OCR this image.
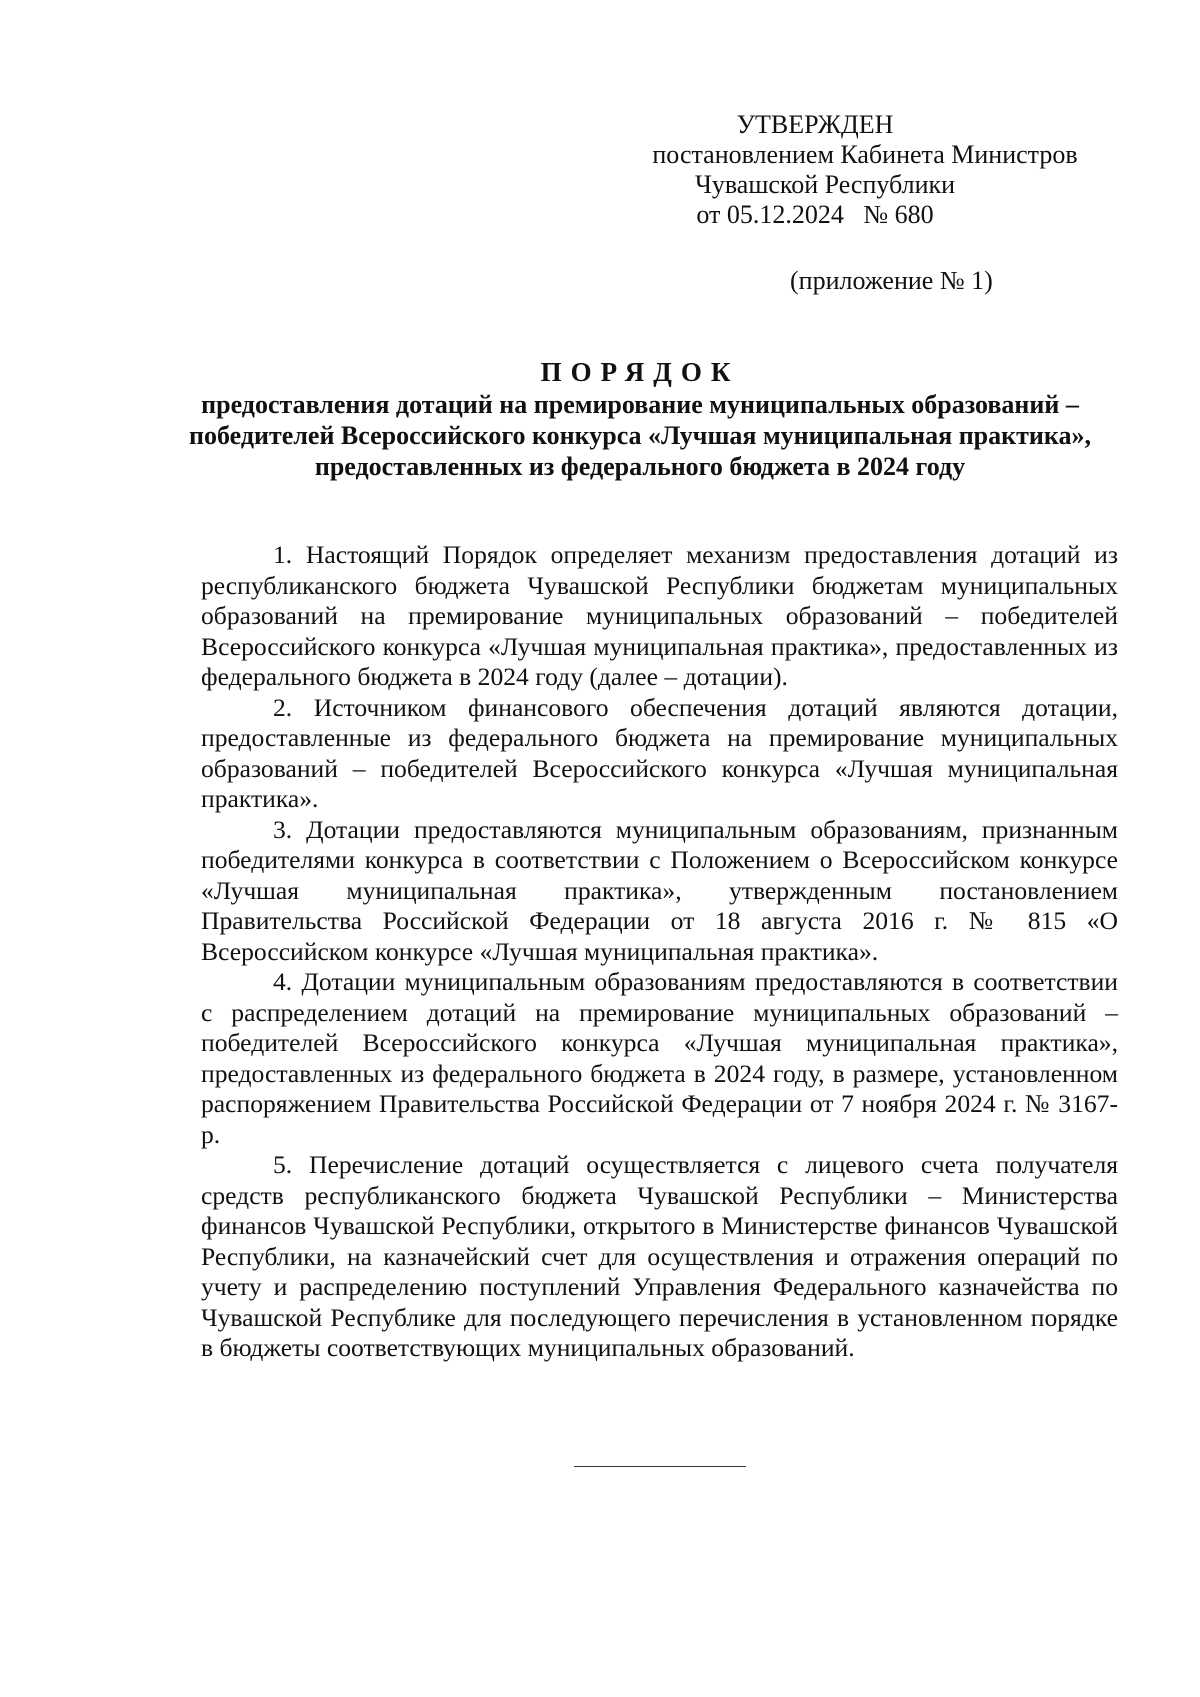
УТВЕРЖДЕН
постановлением Кабинета Министров
Чувашской Республики
от 05.12.2024   № 680
(приложение № 1)
ПОРЯДОК
предоставления дотаций на премирование муниципальных образований –
победителей Всероссийского конкурса «Лучшая муниципальная практика»,
предоставленных из федерального бюджета в 2024 году

1. Настоящий Порядок определяет механизм предоставления дотаций из республиканского бюджета Чувашской Республики бюджетам муниципальных образований на премирование муниципальных образований – победителей Всероссийского конкурса «Лучшая муниципальная практика», предоставленных из федерального бюджета в 2024 году (далее – дотации).

2. Источником финансового обеспечения дотаций являются дотации, предоставленные из федерального бюджета на премирование муниципальных образований – победителей Всероссийского конкурса «Лучшая муниципальная практика».

3. Дотации предоставляются муниципальным образованиям, признанным победителями конкурса в соответствии с Положением о Всероссийском конкурсе «Лучшая муниципальная практика», утвержденным постановлением Правительства Российской Федерации от 18 августа 2016 г. № 815 «О Всероссийском конкурсе «Лучшая муниципальная практика».

4. Дотации муниципальным образованиям предоставляются в соответствии с распределением дотаций на премирование муниципальных образований – победителей Всероссийского конкурса «Лучшая муниципальная практика», предоставленных из федерального бюджета в 2024 году, в размере, установленном распоряжением Правительства Российской Федерации от 7 ноября 2024 г. № 3167-р.

5. Перечисление дотаций осуществляется с лицевого счета получателя средств республиканского бюджета Чувашской Республики – Министерства финансов Чувашской Республики, открытого в Министерстве финансов Чувашской Республики, на казначейский счет для осуществления и отражения операций по учету и распределению поступлений Управления Федерального казначейства по Чувашской Республике для последующего перечисления в установленном порядке в бюджеты соответствующих муниципальных образований.
